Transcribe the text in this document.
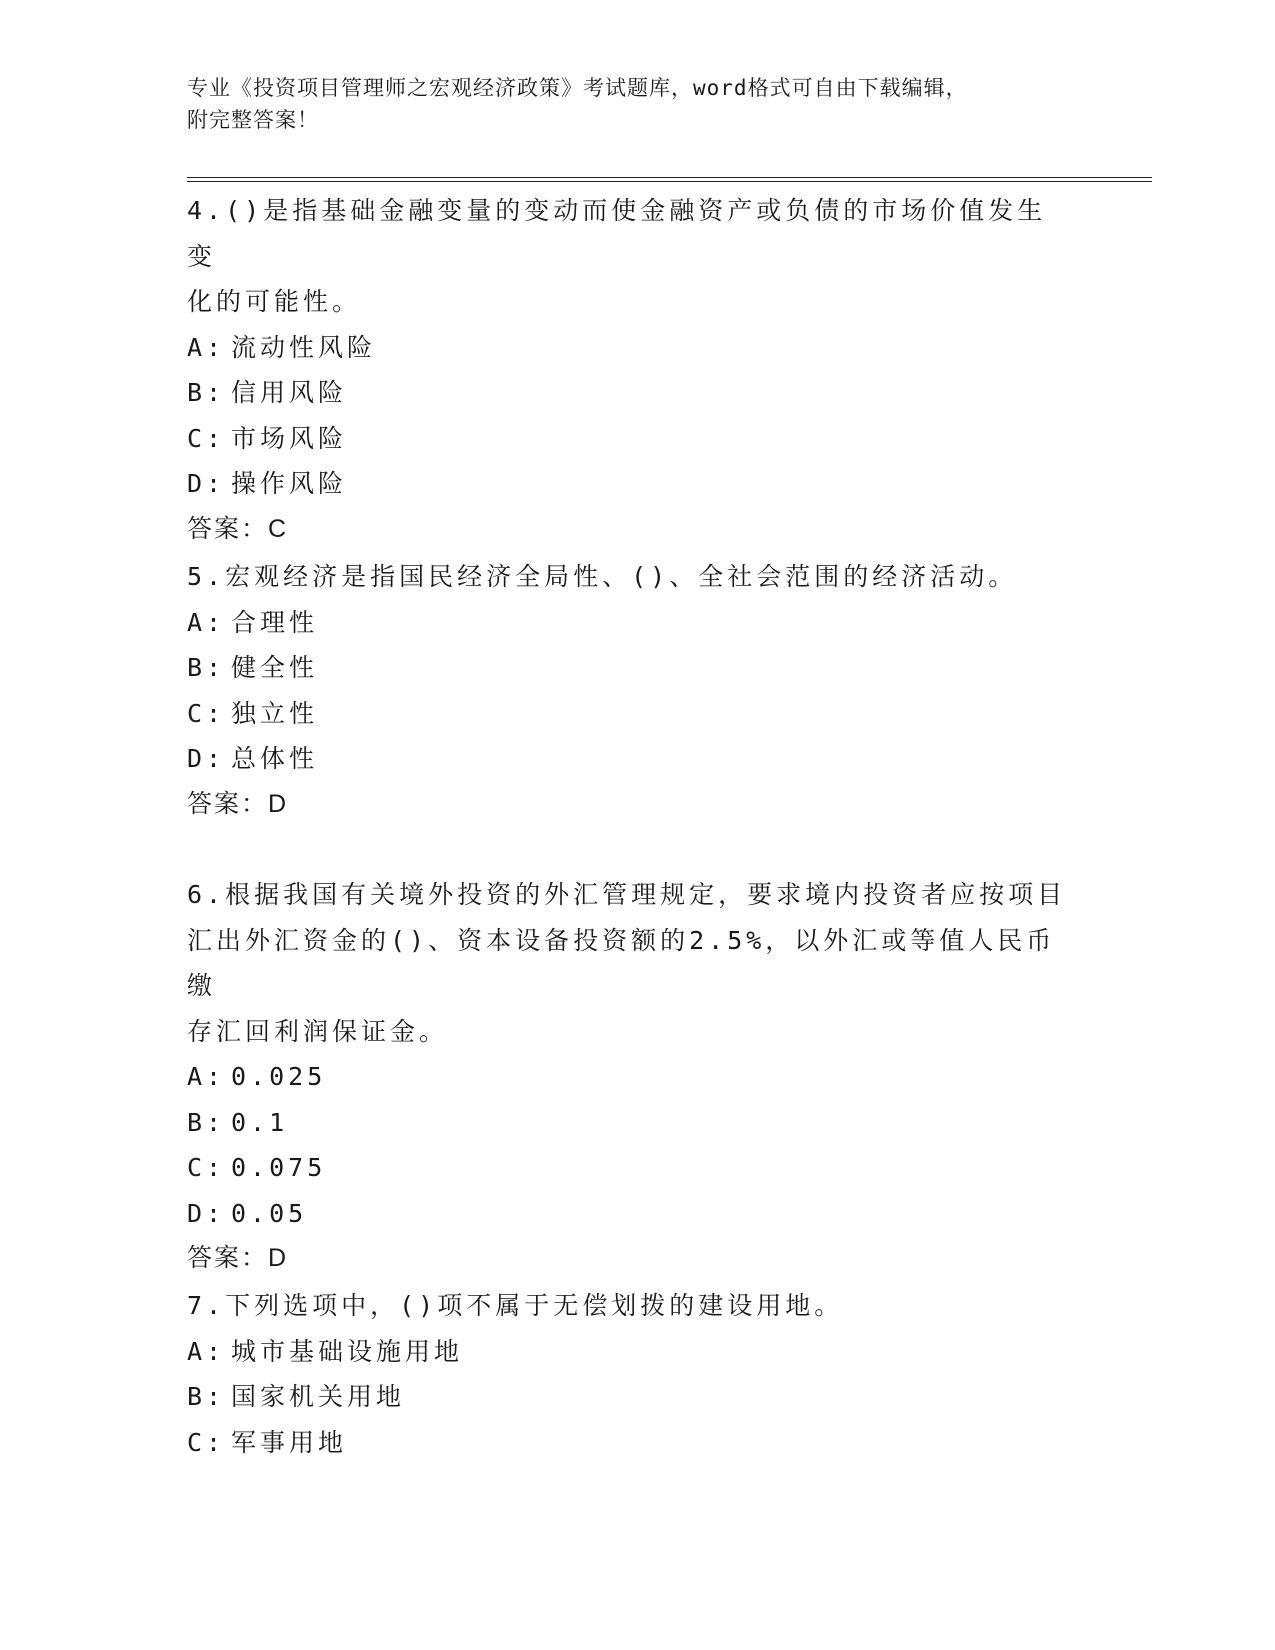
专业《投资项目管理师之宏观经济政策》考试题库，word格式可自由下载编辑，
附完整答案！
4.()是指基础金融变量的变动而使金融资产或负债的市场价值发生变
化的可能性。
A: 流动性风险
B: 信用风险
C: 市场风险
D: 操作风险
答案：C
5.宏观经济是指国民经济全局性、()、全社会范围的经济活动。
A: 合理性
B: 健全性
C: 独立性
D: 总体性
答案：D
6.根据我国有关境外投资的外汇管理规定，要求境内投资者应按项目
汇出外汇资金的()、资本设备投资额的2.5%，以外汇或等值人民币缴
存汇回利润保证金。
A: 0.025
B: 0.1
C: 0.075
D: 0.05
答案：D
7.下列选项中，()项不属于无偿划拨的建设用地。
A: 城市基础设施用地
B: 国家机关用地
C: 军事用地
